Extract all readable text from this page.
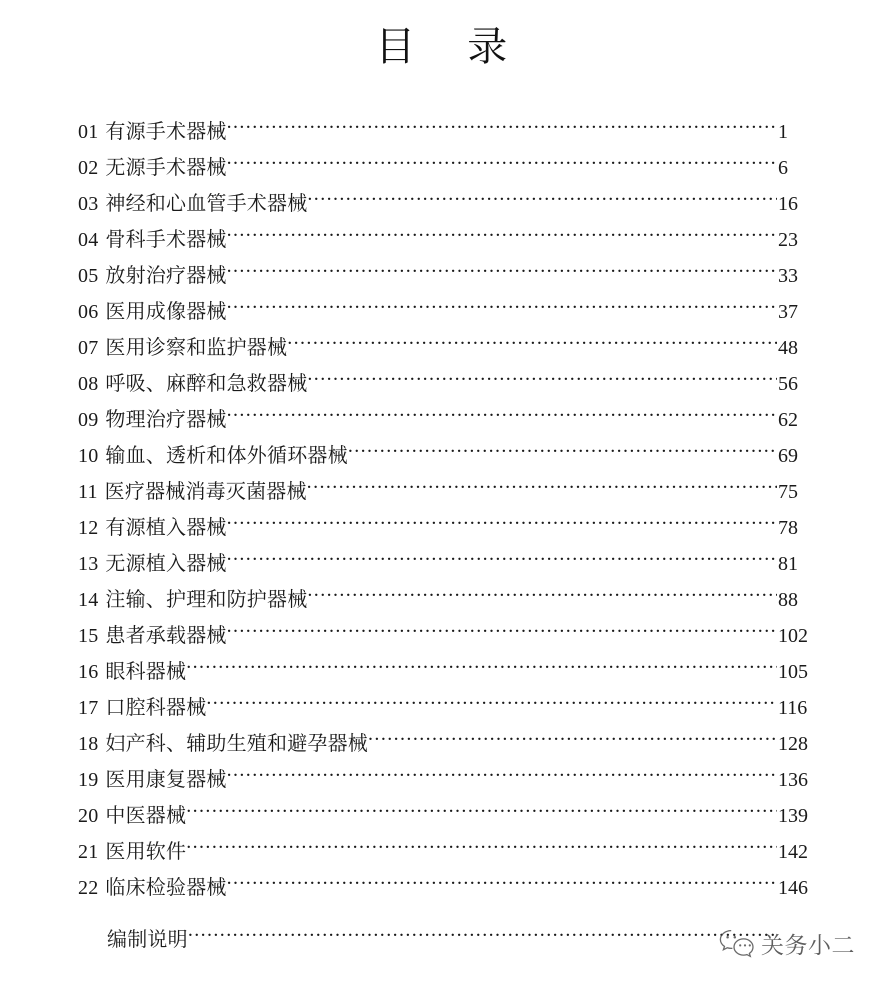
目    录
01 有源手术器械 .....	1
02 无源手术器械 .....	6
03 神经和心血管手术器械 .....	16
04 骨科手术器械 .....	23
05 放射治疗器械 .....	33
06 医用成像器械 .....	37
07 医用诊察和监护器械 .....	48
08 呼吸、麻醉和急救器械 .....	56
09 物理治疗器械 .....	62
10 输血、透析和体外循环器械 .....	69
11 医疗器械消毒灭菌器械 .....	75
12 有源植入器械 .....	78
13 无源植入器械 .....	81
14 注输、护理和防护器械 .....	88
15 患者承载器械 .....	102
16 眼科器械 .....	105
17 口腔科器械 .....	116
18 妇产科、辅助生殖和避孕器械 .....	128
19 医用康复器械 .....	136
20 中医器械 .....	139
21 医用软件 .....	142
22 临床检验器械 .....	146
编制说明 .....	关务小二
